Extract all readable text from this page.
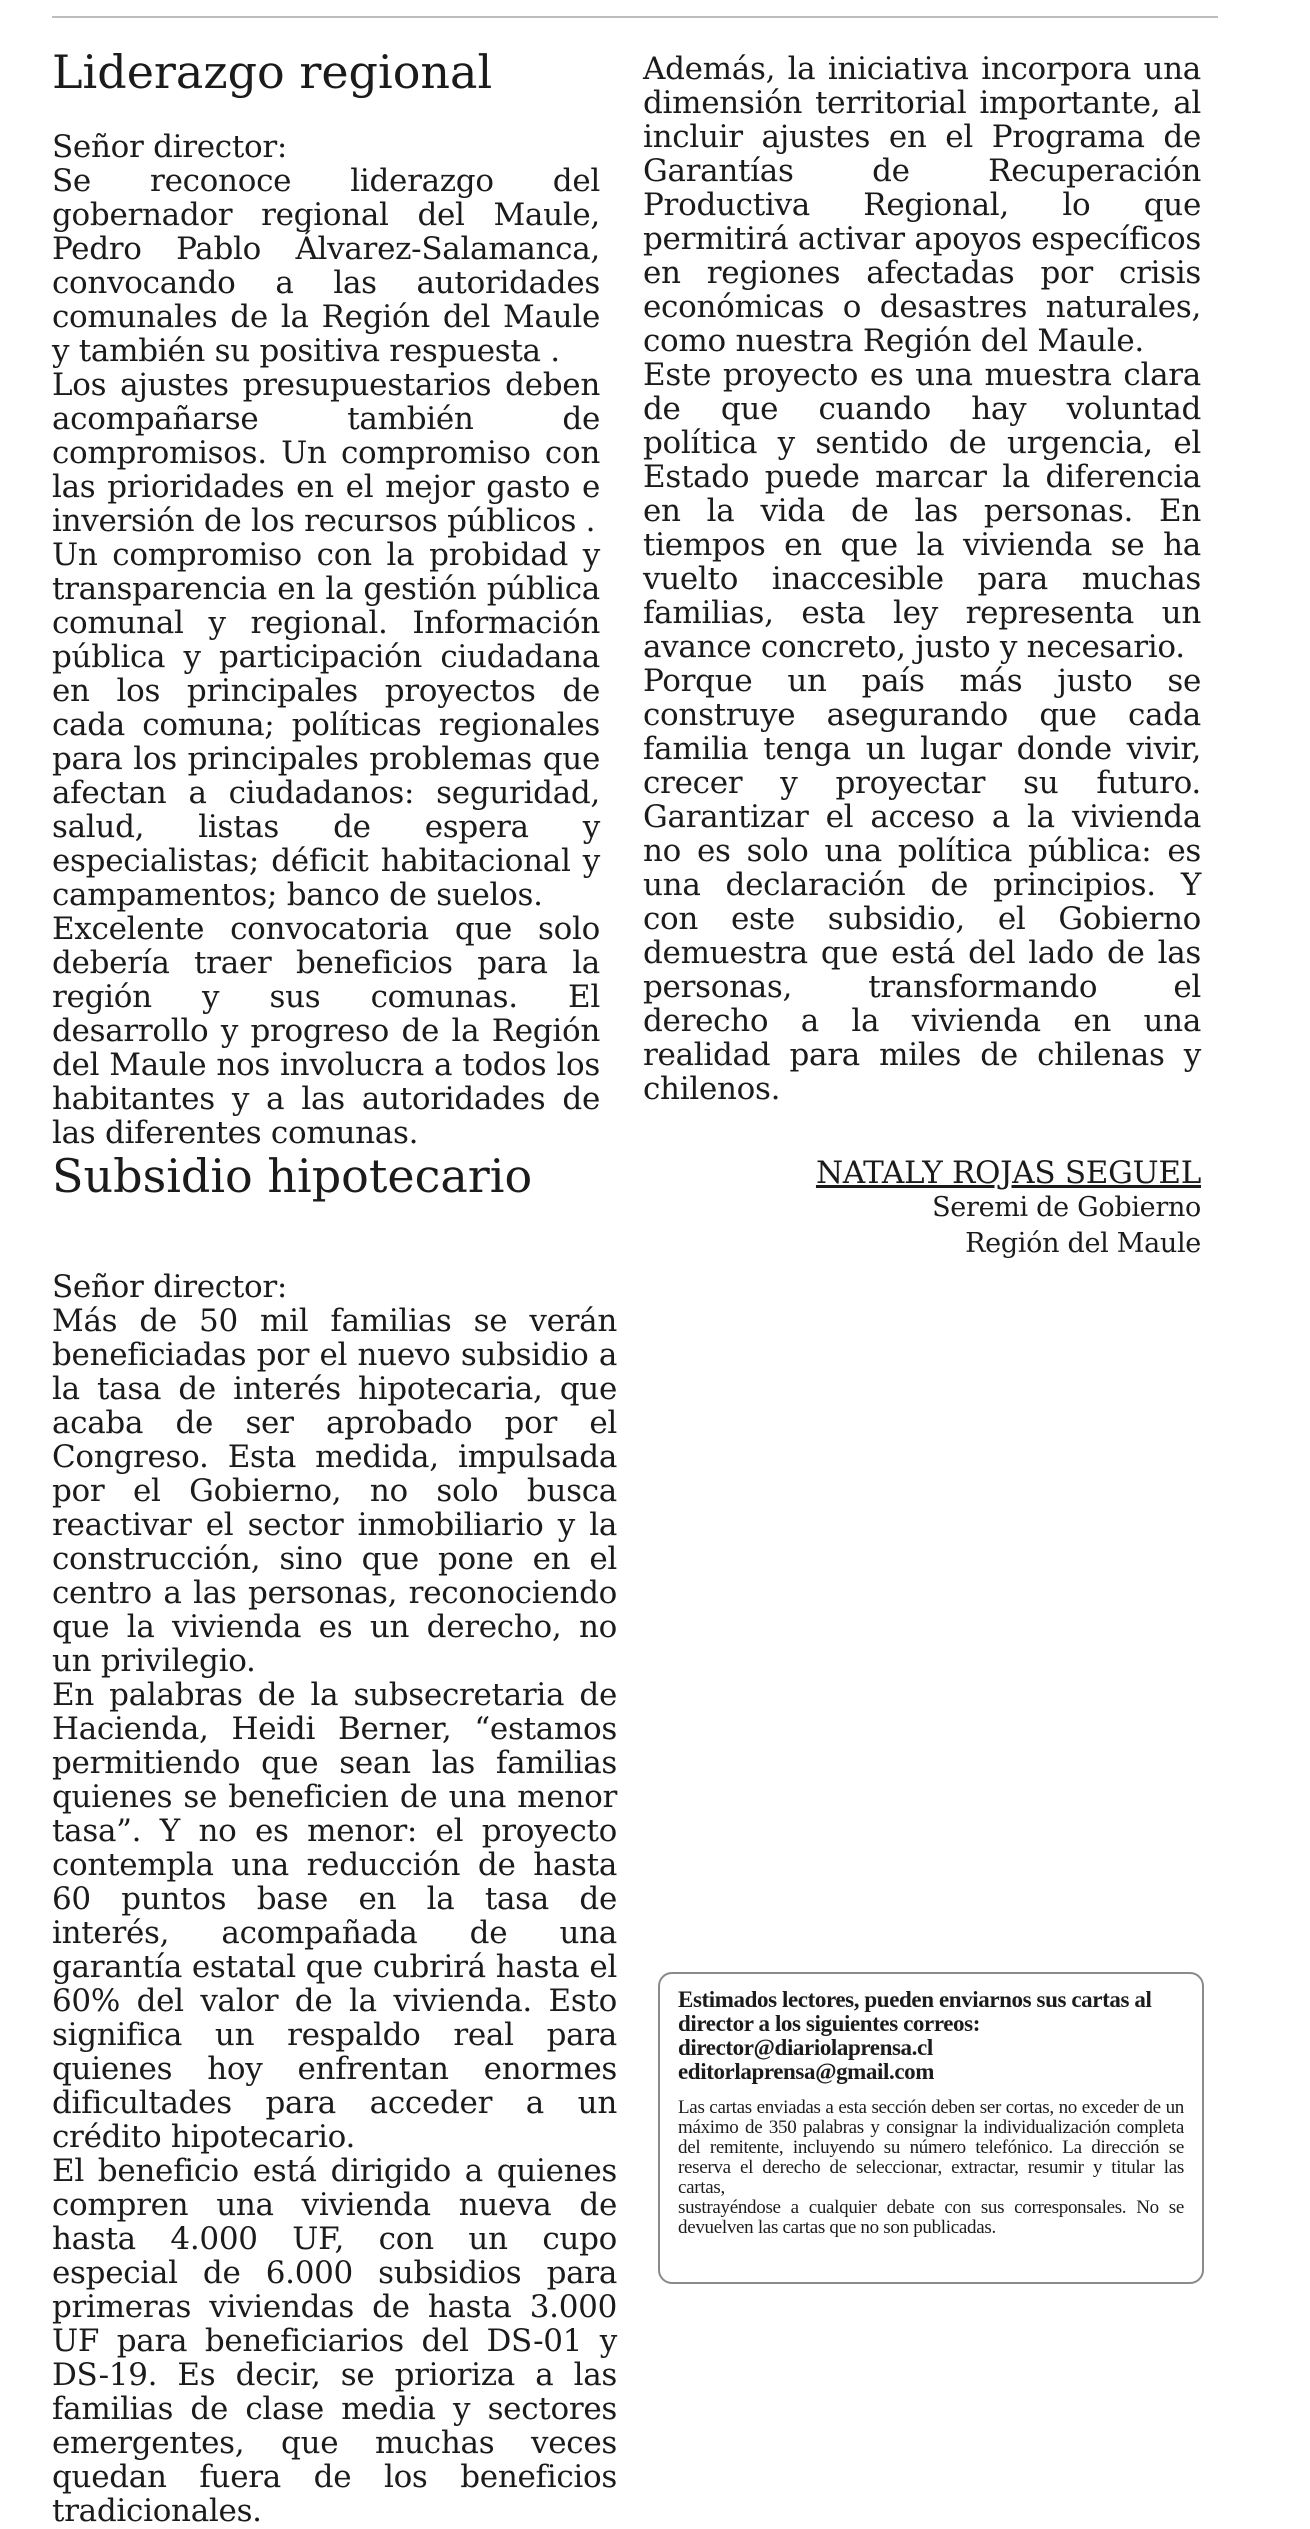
Liderazgo regional

Señor director:

Se reconoce liderazgo del gobernador regional del Maule, Pedro Pablo Álvarez-Salamanca, convocando a las autoridades comunales de la Región del Maule y también su positiva respuesta .

Los ajustes presupuestarios deben acompañarse también de compromisos. Un compromiso con las prioridades en el mejor gasto e inversión de los recursos públicos .

Un compromiso con la probidad y transparencia en la gestión pública comunal y regional. Información pública y participación ciudadana en los principales proyectos de cada comuna; políticas regionales para los principales problemas que afectan a ciudadanos: seguridad, salud, listas de espera y especialistas; déficit habitacional y campamentos; banco de suelos.

Excelente convocatoria que solo debería traer beneficios para la región y sus comunas. El desarrollo y progreso de la Región del Maule nos involucra a todos los habitantes y a las autoridades de las diferentes comunas.

Además, la iniciativa incorpora una dimensión territorial importante, al incluir ajustes en el Programa de Garantías de Recuperación Productiva Regional, lo que permitirá activar apoyos específicos en regiones afectadas por crisis económicas o desastres naturales, como nuestra Región del Maule.

Este proyecto es una muestra clara de que cuando hay voluntad política y sentido de urgencia, el Estado puede marcar la diferencia en la vida de las personas. En tiempos en que la vivienda se ha vuelto inaccesible para muchas familias, esta ley representa un avance concreto, justo y necesario.

Porque un país más justo se construye asegurando que cada familia tenga un lugar donde vivir, crecer y proyectar su futuro. Garantizar el acceso a la vivienda no es solo una política pública: es una declaración de principios. Y con este subsidio, el Gobierno demuestra que está del lado de las personas, transformando el derecho a la vivienda en una realidad para miles de chilenas y chilenos.

NATALY ROJAS SEGUEL

Seremi de Gobierno

Región del Maule

Subsidio hipotecario

Señor director:

Más de 50 mil familias se verán beneficiadas por el nuevo subsidio a la tasa de interés hipotecaria, que acaba de ser aprobado por el Congreso. Esta medida, impulsada por el Gobierno, no solo busca reactivar el sector inmobiliario y la construcción, sino que pone en el centro a las personas, reconociendo que la vivienda es un derecho, no un privilegio.

En palabras de la subsecretaria de Hacienda, Heidi Berner, “estamos permitiendo que sean las familias quienes se beneficien de una menor tasa”. Y no es menor: el proyecto contempla una reducción de hasta 60 puntos base en la tasa de interés, acompañada de una garantía estatal que cubrirá hasta el 60% del valor de la vivienda. Esto significa un respaldo real para quienes hoy enfrentan enormes dificultades para acceder a un crédito hipotecario.

El beneficio está dirigido a quienes compren una vivienda nueva de hasta 4.000 UF, con un cupo especial de 6.000 subsidios para primeras viviendas de hasta 3.000 UF para beneficiarios del DS-01 y DS-19. Es decir, se prioriza a las familias de clase media y sectores emergentes, que muchas veces quedan fuera de los beneficios tradicionales.

Estimados lectores, pueden enviarnos sus cartas al director a los siguientes correos:

director@diariolaprensa.cl

editorlaprensa@gmail.com

Las cartas enviadas a esta sección deben ser cortas, no exceder de un máximo de 350 palabras y consignar la individualización completa del remitente, incluyendo su número telefónico. La dirección se reserva el derecho de seleccionar, extractar, resumir y titular las cartas,

sustrayéndose a cualquier debate con sus corresponsales. No se devuelven las cartas que no son publicadas.
